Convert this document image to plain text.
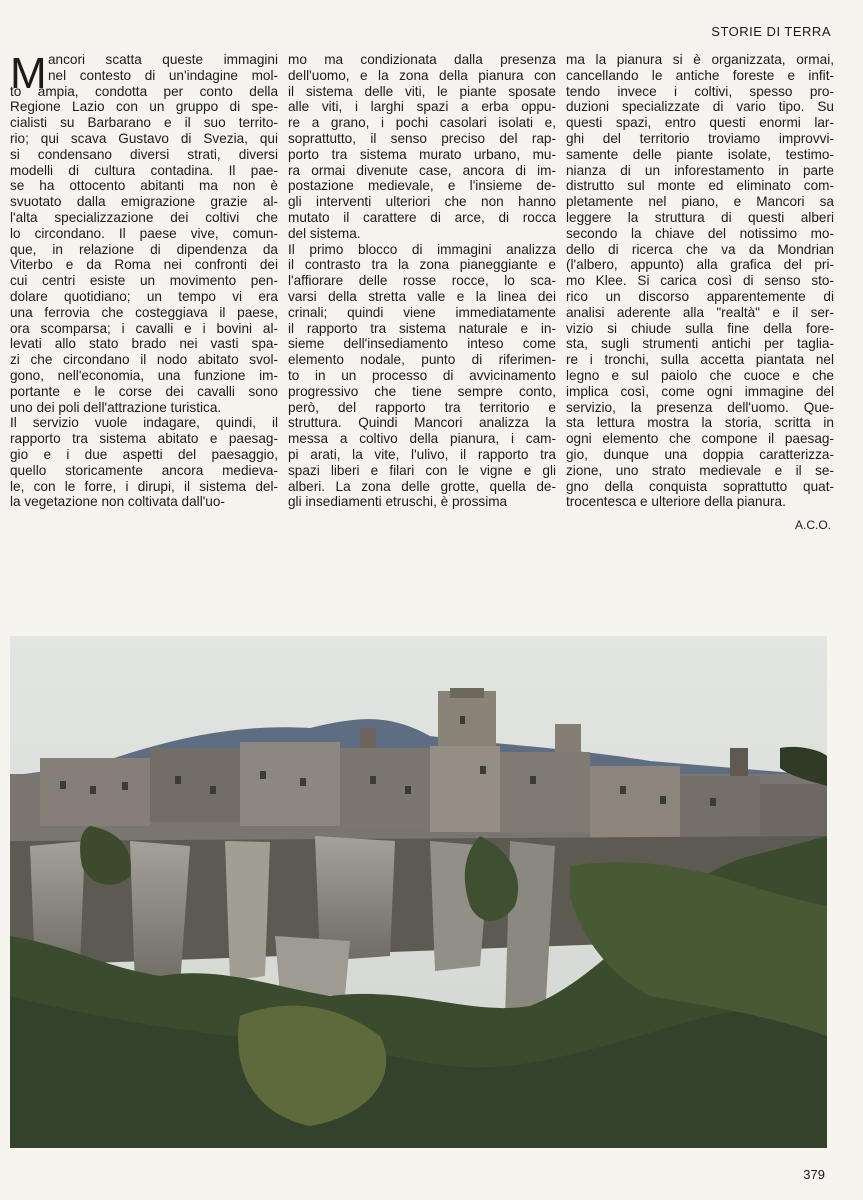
STORIE DI TERRA
M ancori scatta queste immagini
nel contesto di un'indagine mol-
to ampia, condotta per conto della
Regione Lazio con un gruppo di spe-
cialisti su Barbarano e il suo territo-
rio; qui scava Gustavo di Svezia, qui
si condensano diversi strati, diversi
modelli di cultura contadina. Il pae-
se ha ottocento abitanti ma non è
svuotato dalla emigrazione grazie al-
l'alta specializzazione dei coltivi che
lo circondano. Il paese vive, comun-
que, in relazione di dipendenza da
Viterbo e da Roma nei confronti dei
cui centri esiste un movimento pen-
dolare quotidiano; un tempo vi era
una ferrovia che costeggiava il paese,
ora scomparsa; i cavalli e i bovini al-
levati allo stato brado nei vasti spa-
zi che circondano il nodo abitato svol-
gono, nell'economia, una funzione im-
portante e le corse dei cavalli sono
uno dei poli dell'attrazione turistica.
Il servizio vuole indagare, quindi, il
rapporto tra sistema abitato e paesag-
gio e i due aspetti del paesaggio,
quello storicamente ancora medieva-
le, con le forre, i dirupi, il sistema del-
la vegetazione non coltivata dall'uo-
mo ma condizionata dalla presenza
dell'uomo, e la zona della pianura con
il sistema delle viti, le piante sposate
alle viti, i larghi spazi a erba oppu-
re a grano, i pochi casolari isolati e,
soprattutto, il senso preciso del rap-
porto tra sistema murato urbano, mu-
ra ormai divenute case, ancora di im-
postazione medievale, e l'insieme de-
gli interventi ulteriori che non hanno
mutato il carattere di arce, di rocca
del sistema.
Il primo blocco di immagini analizza
il contrasto tra la zona pianeggiante e
l'affiorare delle rosse rocce, lo sca-
varsi della stretta valle e la linea dei
crinali; quindi viene immediatamente
il rapporto tra sistema naturale e in-
sieme dell'insediamento inteso come
elemento nodale, punto di riferimen-
to in un processo di avvicinamento
progressivo che tiene sempre conto,
però, del rapporto tra territorio e
struttura. Quindi Mancori analizza la
messa a coltivo della pianura, i cam-
pi arati, la vite, l'ulivo, il rapporto tra
spazi liberi e filari con le vigne e gli
alberi. La zona delle grotte, quella de-
gli insediamenti etruschi, è prossima
ma la pianura si è organizzata, ormai,
cancellando le antiche foreste e infit-
tendo invece i coltivi, spesso pro-
duzioni specializzate di vario tipo. Su
questi spazi, entro questi enormi lar-
ghi del territorio troviamo improvvi-
samente delle piante isolate, testimo-
nianza di un inforestamento in parte
distrutto sul monte ed eliminato com-
pletamente nel piano, e Mancori sa
leggere la struttura di questi alberi
secondo la chiave del notissimo mo-
dello di ricerca che va da Mondrian
(l'albero, appunto) alla grafica del pri-
mo Klee. Si carica così di senso sto-
rico un discorso apparentemente di
analisi aderente alla "realtà" e il ser-
vizio si chiude sulla fine della fore-
sta, sugli strumenti antichi per taglia-
re i tronchi, sulla accetta piantata nel
legno e sul paiolo che cuoce e che
implica così, come ogni immagine del
servizio, la presenza dell'uomo. Que-
sta lettura mostra la storia, scritta in
ogni elemento che compone il paesag-
gio, dunque una doppia caratterizza-
zione, uno strato medievale e il se-
gno della conquista soprattutto quat-
trocentesca e ulteriore della pianura.
A.C.O.
379
